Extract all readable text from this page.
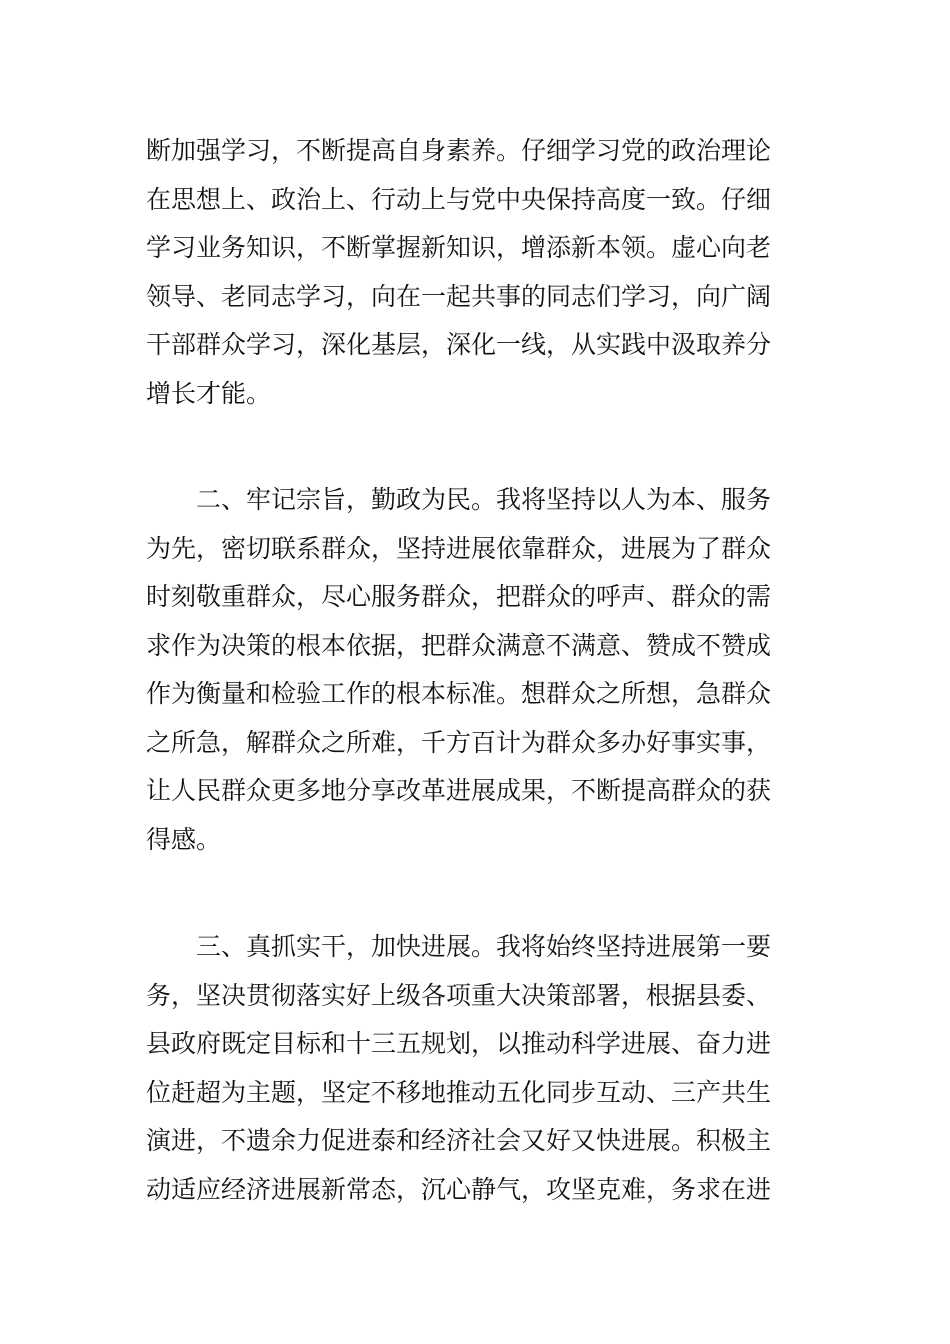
断加强学习，不断提高自身素养。仔细学习党的政治理论
在思想上、政治上、行动上与党中央保持高度一致。仔细
学习业务知识，不断掌握新知识，增添新本领。虚心向老
领导、老同志学习，向在一起共事的同志们学习，向广阔
干部群众学习，深化基层，深化一线，从实践中汲取养分
增长才能。

　　二、牢记宗旨，勤政为民。我将坚持以人为本、服务
为先，密切联系群众，坚持进展依靠群众，进展为了群众
时刻敬重群众，尽心服务群众，把群众的呼声、群众的需
求作为决策的根本依据，把群众满意不满意、赞成不赞成
作为衡量和检验工作的根本标准。想群众之所想，急群众
之所急，解群众之所难，千方百计为群众多办好事实事，
让人民群众更多地分享改革进展成果，不断提高群众的获
得感。

　　三、真抓实干，加快进展。我将始终坚持进展第一要
务，坚决贯彻落实好上级各项重大决策部署，根据县委、
县政府既定目标和十三五规划，以推动科学进展、奋力进
位赶超为主题，坚定不移地推动五化同步互动、三产共生
演进，不遗余力促进泰和经济社会又好又快进展。积极主
动适应经济进展新常态，沉心静气，攻坚克难，务求在进
